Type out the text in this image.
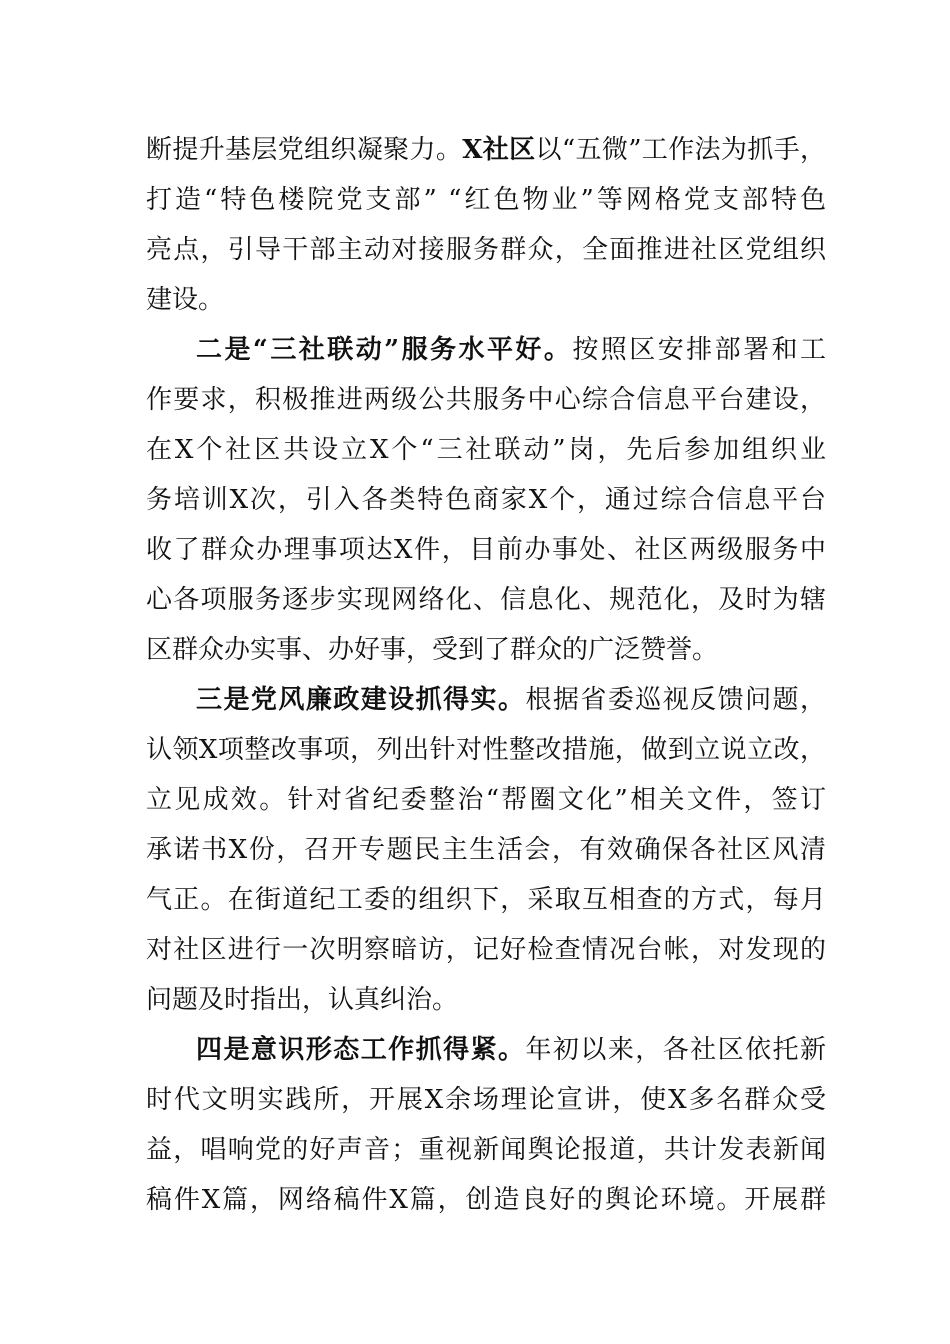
断提升基层党组织凝聚力。X社区以“五微”工作法为抓手，
打造“特色楼院党支部” “红色物业”等网格党支部特色
亮点，引导干部主动对接服务群众，全面推进社区党组织
建设。
二是“三社联动”服务水平好。按照区安排部署和工
作要求，积极推进两级公共服务中心综合信息平台建设，
在X个社区共设立X个“三社联动”岗，先后参加组织业
务培训X次，引入各类特色商家X个，通过综合信息平台
收了群众办理事项达X件，目前办事处、社区两级服务中
心各项服务逐步实现网络化、信息化、规范化，及时为辖
区群众办实事、办好事，受到了群众的广泛赞誉。
三是党风廉政建设抓得实。根据省委巡视反馈问题，
认领X项整改事项，列出针对性整改措施，做到立说立改，
立见成效。针对省纪委整治“帮圈文化”相关文件，签订
承诺书X份，召开专题民主生活会，有效确保各社区风清
气正。在街道纪工委的组织下，采取互相查的方式，每月
对社区进行一次明察暗访，记好检查情况台帐，对发现的
问题及时指出，认真纠治。
四是意识形态工作抓得紧。年初以来，各社区依托新
时代文明实践所，开展X余场理论宣讲，使X多名群众受
益，唱响党的好声音；重视新闻舆论报道，共计发表新闻
稿件X篇，网络稿件X篇，创造良好的舆论环境。开展群
